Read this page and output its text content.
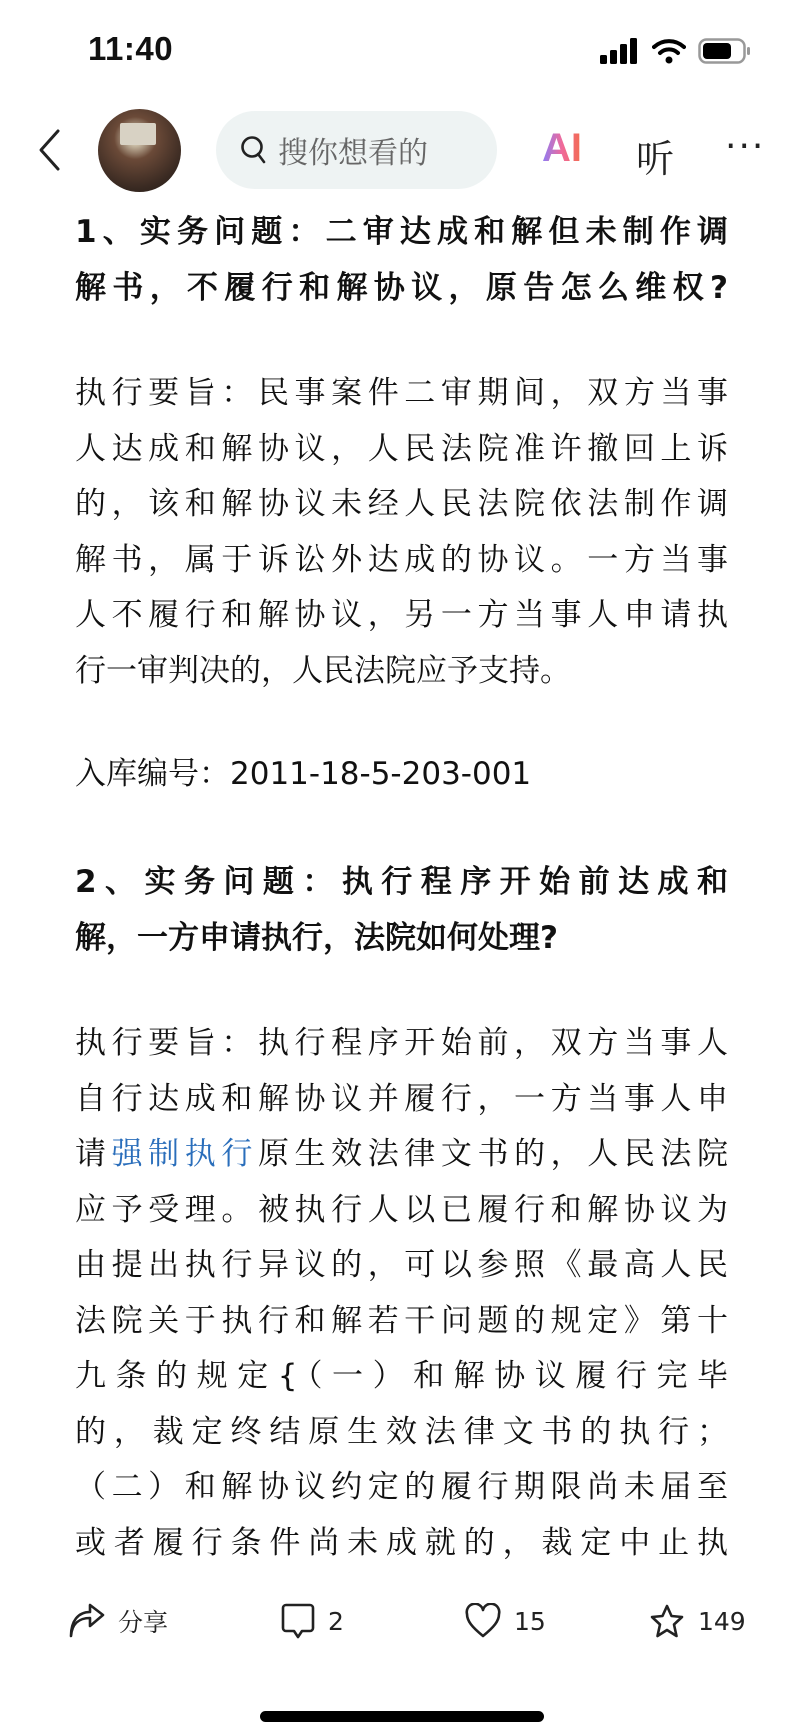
11:40
搜你想看的	AI 听 ···
1、实务问题：二审达成和解但未制作调
解书，不履行和解协议，原告怎么维权?
执行要旨：民事案件二审期间，双方当事
人达成和解协议，人民法院准许撤回上诉
的，该和解协议未经人民法院依法制作调
解书，属于诉讼外达成的协议。一方当事
人不履行和解协议，另一方当事人申请执
行一审判决的，人民法院应予支持。
入库编号：2011-18-5-203-001
2、实务问题：执行程序开始前达成和
解，一方申请执行，法院如何处理?
执行要旨：执行程序开始前，双方当事人
自行达成和解协议并履行，一方当事人申
请强制执行原生效法律文书的，人民法院
应予受理。被执行人以已履行和解协议为
由提出执行异议的，可以参照《最高人民
法院关于执行和解若干问题的规定》第十
九条的规定{（一）和解协议履行完毕
的，裁定终结原生效法律文书的执行；
（二）和解协议约定的履行期限尚未届至
或者履行条件尚未成就的，裁定中止执
分享	2	15	149
